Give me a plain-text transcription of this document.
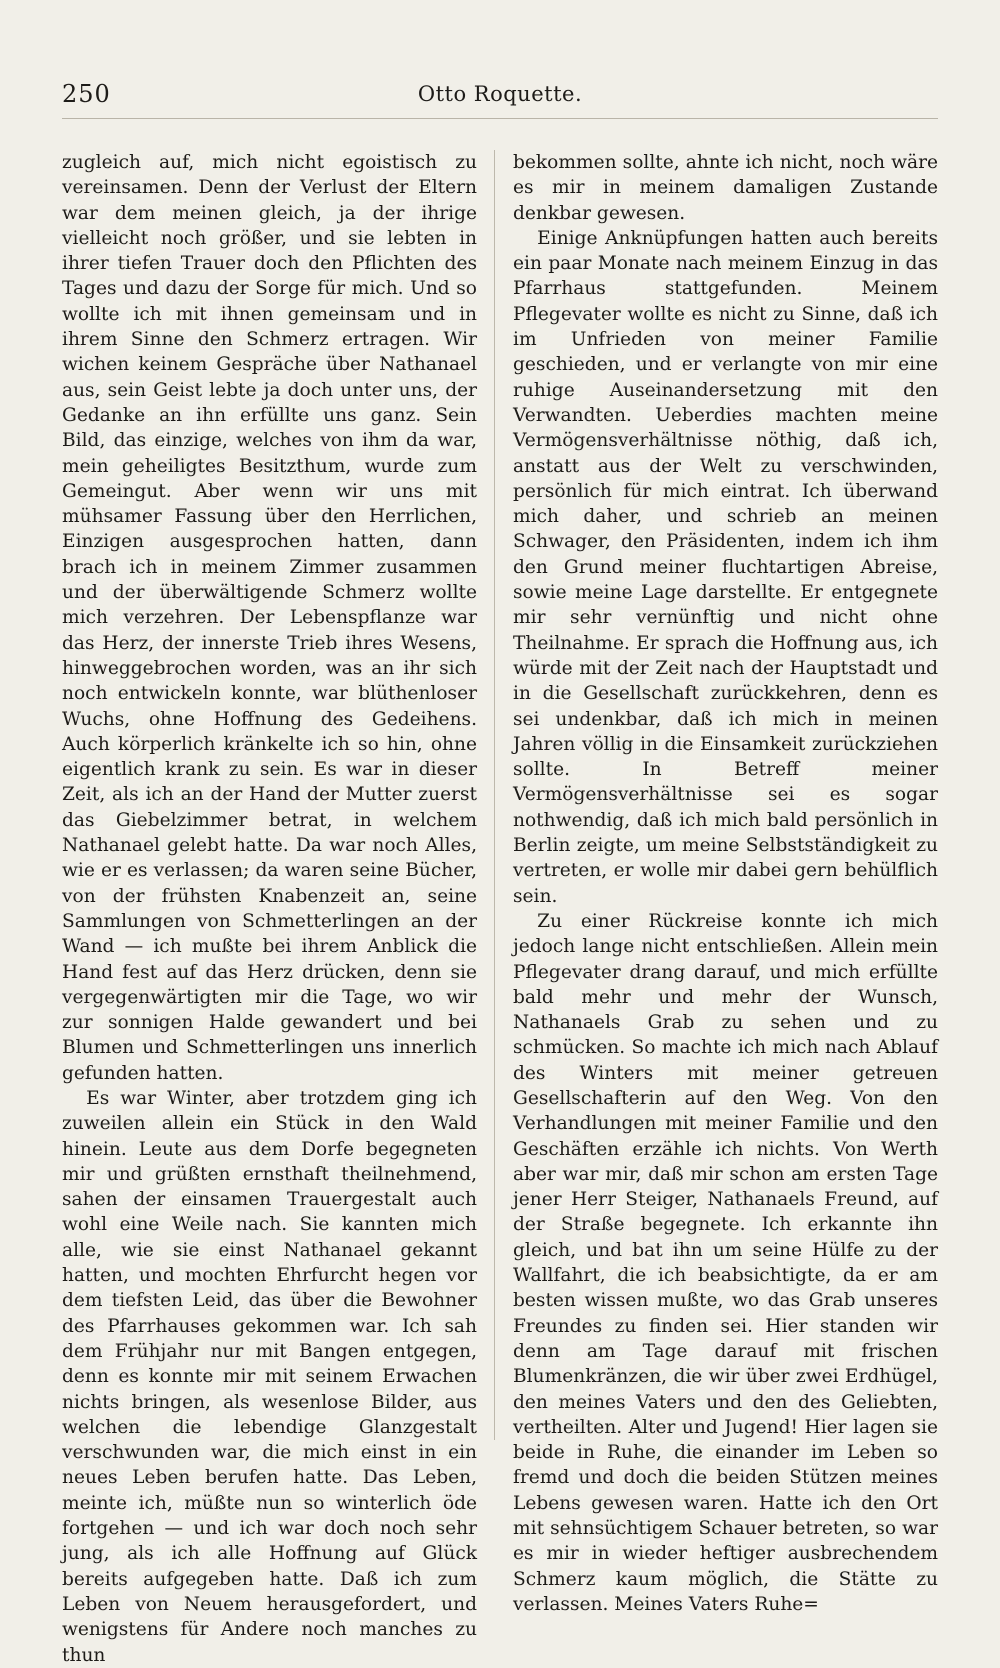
250	Otto Roquette.

zugleich auf, mich nicht egoistisch zu vereinsamen. Denn der Verlust der Eltern war dem meinen gleich, ja der ihrige vielleicht noch größer, und sie lebten in ihrer tiefen Trauer doch den Pflichten des Tages und dazu der Sorge für mich. Und so wollte ich mit ihnen gemeinsam und in ihrem Sinne den Schmerz ertragen. Wir wichen keinem Gespräche über Nathanael aus, sein Geist lebte ja doch unter uns, der Gedanke an ihn erfüllte uns ganz. Sein Bild, das einzige, welches von ihm da war, mein geheiligtes Besitzthum, wurde zum Gemeingut. Aber wenn wir uns mit mühsamer Fassung über den Herrlichen, Einzigen ausgesprochen hatten, dann brach ich in meinem Zimmer zusammen und der überwältigende Schmerz wollte mich verzehren. Der Lebenspflanze war das Herz, der innerste Trieb ihres Wesens, hinweggebrochen worden, was an ihr sich noch entwickeln konnte, war blüthenloser Wuchs, ohne Hoffnung des Gedeihens. Auch körperlich kränkelte ich so hin, ohne eigentlich krank zu sein. Es war in dieser Zeit, als ich an der Hand der Mutter zuerst das Giebelzimmer betrat, in welchem Nathanael gelebt hatte. Da war noch Alles, wie er es verlassen; da waren seine Bücher, von der frühsten Knabenzeit an, seine Sammlungen von Schmetterlingen an der Wand — ich mußte bei ihrem Anblick die Hand fest auf das Herz drücken, denn sie vergegenwärtigten mir die Tage, wo wir zur sonnigen Halde gewandert und bei Blumen und Schmetterlingen uns innerlich gefunden hatten.

Es war Winter, aber trotzdem ging ich zuweilen allein ein Stück in den Wald hinein. Leute aus dem Dorfe begegneten mir und grüßten ernsthaft theilnehmend, sahen der einsamen Trauergestalt auch wohl eine Weile nach. Sie kannten mich alle, wie sie einst Nathanael gekannt hatten, und mochten Ehrfurcht hegen vor dem tiefsten Leid, das über die Bewohner des Pfarrhauses gekommen war. Ich sah dem Frühjahr nur mit Bangen entgegen, denn es konnte mir mit seinem Erwachen nichts bringen, als wesenlose Bilder, aus welchen die lebendige Glanzgestalt verschwunden war, die mich einst in ein neues Leben berufen hatte. Das Leben, meinte ich, müßte nun so winterlich öde fortgehen — und ich war doch noch sehr jung, als ich alle Hoffnung auf Glück bereits aufgegeben hatte. Daß ich zum Leben von Neuem herausgefordert, und wenigstens für Andere noch manches zu thun

bekommen sollte, ahnte ich nicht, noch wäre es mir in meinem damaligen Zustande denkbar gewesen.

Einige Anknüpfungen hatten auch bereits ein paar Monate nach meinem Einzug in das Pfarrhaus stattgefunden. Meinem Pflegevater wollte es nicht zu Sinne, daß ich im Unfrieden von meiner Familie geschieden, und er verlangte von mir eine ruhige Auseinandersetzung mit den Verwandten. Ueberdies machten meine Vermögensverhältnisse nöthig, daß ich, anstatt aus der Welt zu verschwinden, persönlich für mich eintrat. Ich überwand mich daher, und schrieb an meinen Schwager, den Präsidenten, indem ich ihm den Grund meiner fluchtartigen Abreise, sowie meine Lage darstellte. Er entgegnete mir sehr vernünftig und nicht ohne Theilnahme. Er sprach die Hoffnung aus, ich würde mit der Zeit nach der Hauptstadt und in die Gesellschaft zurückkehren, denn es sei undenkbar, daß ich mich in meinen Jahren völlig in die Einsamkeit zurückziehen sollte. In Betreff meiner Vermögensverhältnisse sei es sogar nothwendig, daß ich mich bald persönlich in Berlin zeigte, um meine Selbstständigkeit zu vertreten, er wolle mir dabei gern behülflich sein.

Zu einer Rückreise konnte ich mich jedoch lange nicht entschließen. Allein mein Pflegevater drang darauf, und mich erfüllte bald mehr und mehr der Wunsch, Nathanaels Grab zu sehen und zu schmücken. So machte ich mich nach Ablauf des Winters mit meiner getreuen Gesellschafterin auf den Weg. Von den Verhandlungen mit meiner Familie und den Geschäften erzähle ich nichts. Von Werth aber war mir, daß mir schon am ersten Tage jener Herr Steiger, Nathanaels Freund, auf der Straße begegnete. Ich erkannte ihn gleich, und bat ihn um seine Hülfe zu der Wallfahrt, die ich beabsichtigte, da er am besten wissen mußte, wo das Grab unseres Freundes zu finden sei. Hier standen wir denn am Tage darauf mit frischen Blumenkränzen, die wir über zwei Erdhügel, den meines Vaters und den des Geliebten, vertheilten. Alter und Jugend! Hier lagen sie beide in Ruhe, die einander im Leben so fremd und doch die beiden Stützen meines Lebens gewesen waren. Hatte ich den Ort mit sehnsüchtigem Schauer betreten, so war es mir in wieder heftiger ausbrechendem Schmerz kaum möglich, die Stätte zu verlassen. Meines Vaters Ruhe=
